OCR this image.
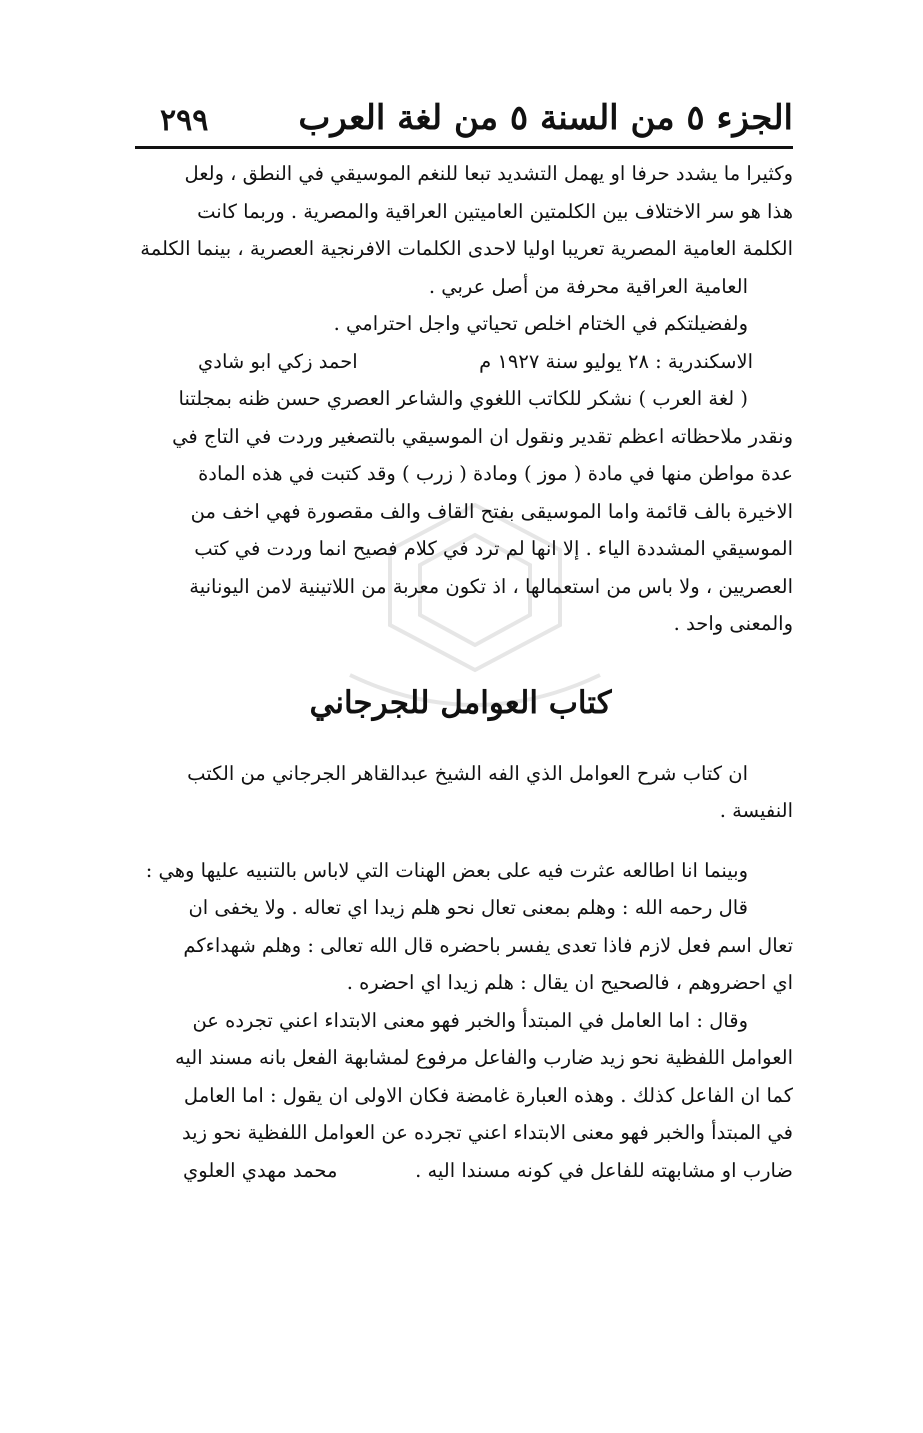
الجزء ٥ من السنة ٥ من لغة العرب
٢٩٩
وكثيرا ما يشدد حرفا او يهمل التشديد تبعا للنغم الموسيقي في النطق ، ولعل
هذا هو سر الاختلاف بين الكلمتين العاميتين العراقية والمصرية . وربما كانت
الكلمة العامية المصرية تعريبا اوليا لاحدى الكلمات الافرنجية العصرية ، بينما الكلمة
العامية العراقية محرفة من أصل عربي .
ولفضيلتكم في الختام اخلص تحياتي واجل احترامي .
الاسكندرية : ٢٨ يوليو سنة ١٩٢٧ م
احمد زكي ابو شادي
( لغة العرب ) نشكر للكاتب اللغوي والشاعر العصري حسن ظنه بمجلتنا
ونقدر ملاحظاته اعظم تقدير ونقول ان الموسيقي بالتصغير وردت في التاج في
عدة مواطن منها في مادة ( موز ) ومادة ( زرب ) وقد كتبت في هذه المادة
الاخيرة بالف قائمة واما الموسيقى بفتح القاف والف مقصورة فهي اخف من
الموسيقي المشددة الياء . إلا انها لم ترد في كلام فصيح انما وردت في كتب
العصريين ، ولا باس من استعمالها ، اذ تكون معربة من اللاتينية لامن اليونانية
والمعنى واحد .
كتاب العوامل للجرجاني
ان كتاب شرح العوامل الذي الفه الشيخ عبدالقاهر الجرجاني من الكتب
النفيسة .
وبينما انا اطالعه عثرت فيه على بعض الهنات التي لاباس بالتنبيه عليها وهي :
قال رحمه الله : وهلم بمعنى تعال نحو هلم زيدا اي تعاله . ولا يخفى ان
تعال اسم فعل لازم فاذا تعدى يفسر باحضره قال الله تعالى : وهلم شهداءكم
اي احضروهم ، فالصحيح ان يقال : هلم زيدا اي احضره .
وقال : اما العامل في المبتدأ والخبر فهو معنى الابتداء اعني تجرده عن
العوامل اللفظية نحو زيد ضارب والفاعل مرفوع لمشابهة الفعل بانه مسند اليه
كما ان الفاعل كذلك . وهذه العبارة غامضة فكان الاولى ان يقول : اما العامل
في المبتدأ والخبر فهو معنى الابتداء اعني تجرده عن العوامل اللفظية نحو زيد
ضارب او مشابهته للفاعل في كونه مسندا اليه .
محمد مهدي العلوي
